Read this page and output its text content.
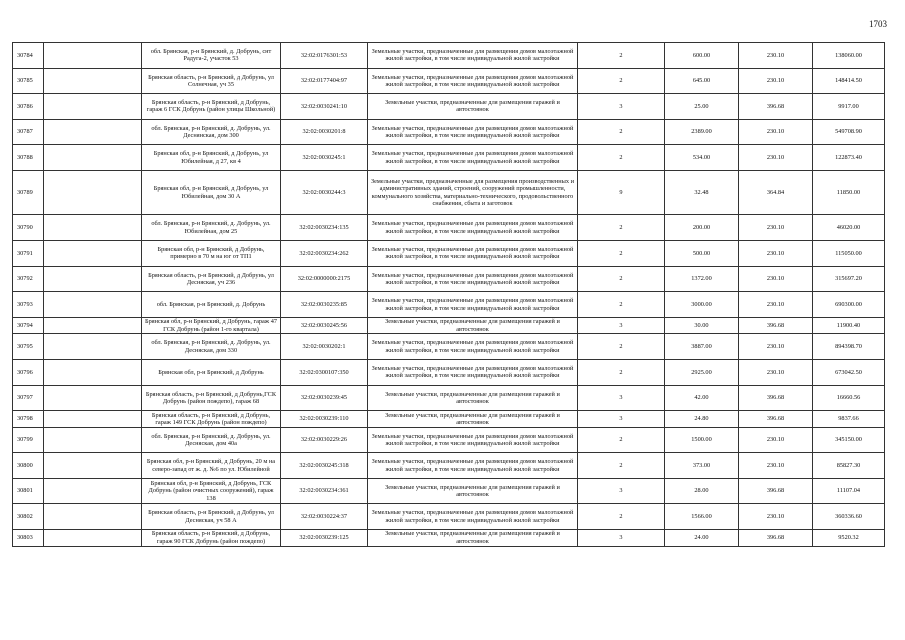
1703
30784		обл. Брянская, р-н Брянский, д. Добрунь, снт Радуга-2, участок 53	32:02:0176301:53	Земельные участки, предназначенные для размещения домов малоэтажной жилой застройки, в том числе индивидуальной жилой застройки	2	600.00	230.10	138060.00
30785		Брянская область, р-н Брянский, д Добрунь, ул Солнечная, уч 35	32:02:0177404:97	Земельные участки, предназначенные для размещения домов малоэтажной жилой застройки, в том числе индивидуальной жилой застройки	2	645.00	230.10	148414.50
30786		Брянская область, р-н Брянский, д Добрунь, гараж 6 ГСК Добрунь (район улицы Школьной)	32:02:0030241:10	Земельные участки, предназначенные для размещения гаражей и автостоянок	3	25.00	396.68	9917.00
30787		обл. Брянская, р-н Брянский, д. Добрунь, ул. Деснянская, дом 300	32:02:0030201:8	Земельные участки, предназначенные для размещения домов малоэтажной жилой застройки, в том числе индивидуальной жилой застройки	2	2389.00	230.10	549708.90
30788		Брянская обл, р-н Брянский, д Добрунь, ул Юбилейная, д 27, кв 4	32:02:0030245:1	Земельные участки, предназначенные для размещения домов малоэтажной жилой застройки, в том числе индивидуальной жилой застройки	2	534.00	230.10	122873.40
30789		Брянская обл, р-н Брянский, д Добрунь, ул Юбилейная, дом 30 А	32:02:0030244:3	Земельные участки, предназначенные для размещения производственных и административных зданий, строений, сооружений промышленности, коммунального хозяйства, материально-технического, продовольственного снабжения, сбыта и заготовок	9	32.48	364.84	11850.00
30790		обл. Брянская, р-н Брянский, д. Добрунь, ул. Юбилейная, дом 25	32:02:0030234:135	Земельные участки, предназначенные для размещения домов малоэтажной жилой застройки, в том числе индивидуальной жилой застройки	2	200.00	230.10	46020.00
30791		Брянская обл, р-н Брянский, д Добрунь, примерно в 70 м на юг от ТП1	32:02:0030234:262	Земельные участки, предназначенные для размещения домов малоэтажной жилой застройки, в том числе индивидуальной жилой застройки	2	500.00	230.10	115050.00
30792		Брянская область, р-н Брянский, д Добрунь, ул Десняская, уч 236	32:02:0000000:2175	Земельные участки, предназначенные для размещения домов малоэтажной жилой застройки, в том числе индивидуальной жилой застройки	2	1372.00	230.10	315697.20
30793		обл. Брянская, р-н Брянский, д. Добрунь	32:02:0030235:85	Земельные участки, предназначенные для размещения домов малоэтажной жилой застройки, в том числе индивидуальной жилой застройки	2	3000.00	230.10	690300.00
30794		Брянская обл, р-н Брянский, д Добрунь, гараж 47 ГСК Добрунь (район 1-го квартала)	32:02:0030245:56	Земельные участки, предназначенные для размещения гаражей и автостоянок	3	30.00	396.68	11900.40
30795		обл. Брянская, р-н Брянский, д. Добрунь, ул. Десняская, дом 330	32:02:0030202:1	Земельные участки, предназначенные для размещения домов малоэтажной жилой застройки, в том числе индивидуальной жилой застройки	2	3887.00	230.10	894398.70
30796		Брянская обл, р-н Брянский, д Добрунь	32:02:0300107:350	Земельные участки, предназначенные для размещения домов малоэтажной жилой застройки, в том числе индивидуальной жилой застройки	2	2925.00	230.10	673042.50
30797		Брянская область, р-н Брянский, д Добрунь,ГСК Добрунь (район пождепо), гараж 68	32:02:0030239:45	Земельные участки, предназначенные для размещения гаражей и автостоянок	3	42.00	396.68	16660.56
30798		Брянская область, р-н Брянский, д Добрунь, гараж 149 ГСК Добрунь (район пождепо)	32:02:0030239:110	Земельные участки, предназначенные для размещения гаражей и автостоянок	3	24.80	396.68	9837.66
30799		обл. Брянская, р-н Брянский, д. Добрунь, ул. Десняская, дом 40а	32:02:0030229:26	Земельные участки, предназначенные для размещения домов малоэтажной жилой застройки, в том числе индивидуальной жилой застройки	2	1500.00	230.10	345150.00
30800		Брянская обл, р-н Брянский, д Добрунь, 20 м на северо-запад от ж. д. №6 по ул. Юбилейной	32:02:0030245:318	Земельные участки, предназначенные для размещения домов малоэтажной жилой застройки, в том числе индивидуальной жилой застройки	2	373.00	230.10	85827.30
30801		Брянская обл, р-н Брянский, д Добрунь, ГСК Добрунь (район очистных сооружений), гараж 138	32:02:0030234:361	Земельные участки, предназначенные для размещения гаражей и автостоянок	3	28.00	396.68	11107.04
30802		Брянская область, р-н Брянский, д Добрунь, ул Десняская, уч 58 А	32:02:0030224:37	Земельные участки, предназначенные для размещения домов малоэтажной жилой застройки, в том числе индивидуальной жилой застройки	2	1566.00	230.10	360336.60
30803		Брянская область, р-н Брянский, д Добрунь, гараж 90 ГСК Добрунь (район пождепо)	32:02:0030239:125	Земельные участки, предназначенные для размещения гаражей и автостоянок	3	24.00	396.68	9520.32
